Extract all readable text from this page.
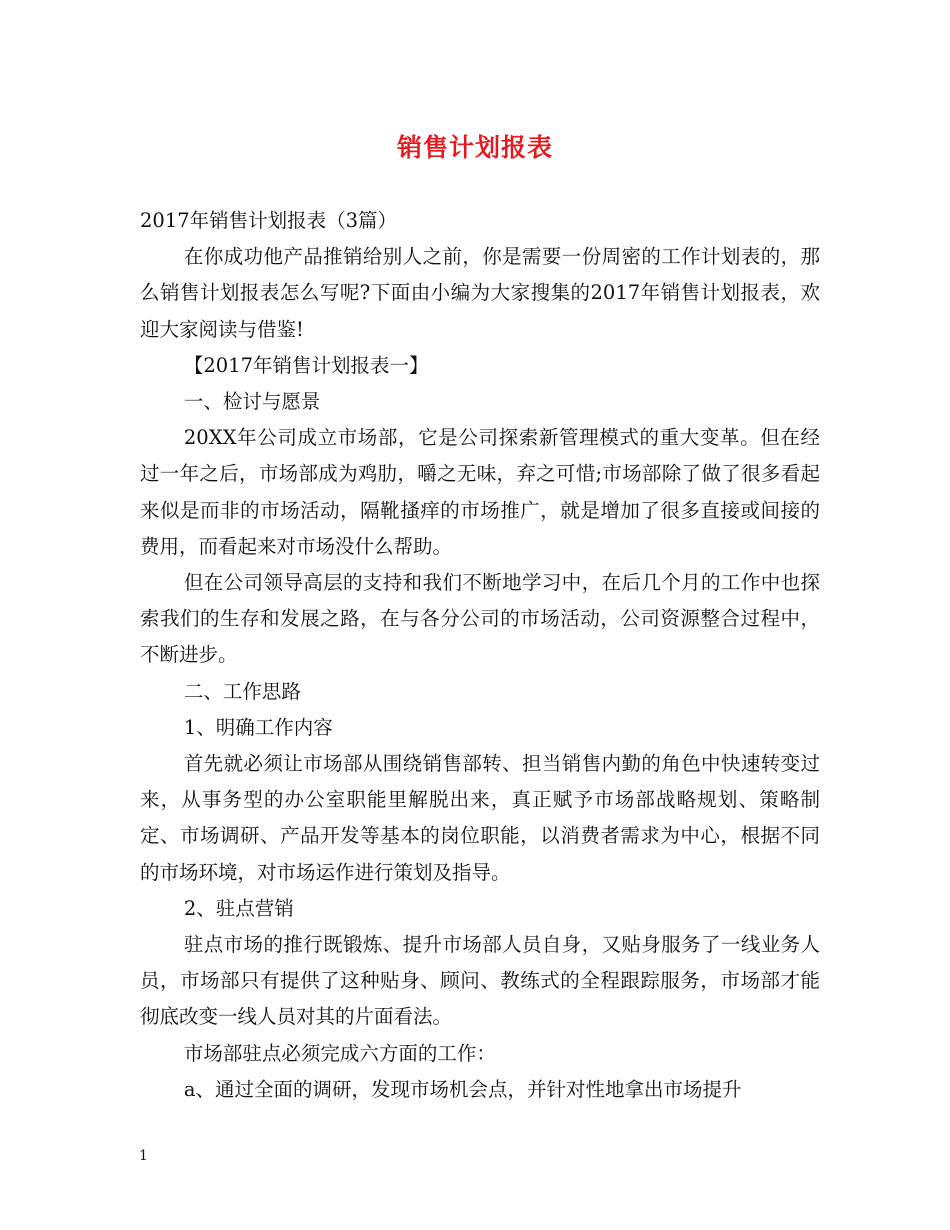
销售计划报表

2017年销售计划报表（3篇）

在你成功他产品推销给别人之前，你是需要一份周密的工作计划表的，那么销售计划报表怎么写呢?下面由小编为大家搜集的2017年销售计划报表，欢迎大家阅读与借鉴!

【2017年销售计划报表一】

一、检讨与愿景

20XX年公司成立市场部，它是公司探索新管理模式的重大变革。但在经过一年之后，市场部成为鸡肋，嚼之无味，弃之可惜;市场部除了做了很多看起来似是而非的市场活动，隔靴搔痒的市场推广，就是增加了很多直接或间接的费用，而看起来对市场没什么帮助。

但在公司领导高层的支持和我们不断地学习中，在后几个月的工作中也探索我们的生存和发展之路，在与各分公司的市场活动，公司资源整合过程中，不断进步。

二、工作思路

1、明确工作内容

首先就必须让市场部从围绕销售部转、担当销售内勤的角色中快速转变过来，从事务型的办公室职能里解脱出来，真正赋予市场部战略规划、策略制定、市场调研、产品开发等基本的岗位职能，以消费者需求为中心，根据不同的市场环境，对市场运作进行策划及指导。

2、驻点营销

驻点市场的推行既锻炼、提升市场部人员自身，又贴身服务了一线业务人员，市场部只有提供了这种贴身、顾问、教练式的全程跟踪服务，市场部才能彻底改变一线人员对其的片面看法。

市场部驻点必须完成六方面的工作：

a、通过全面的调研，发现市场机会点，并针对性地拿出市场提升

1
